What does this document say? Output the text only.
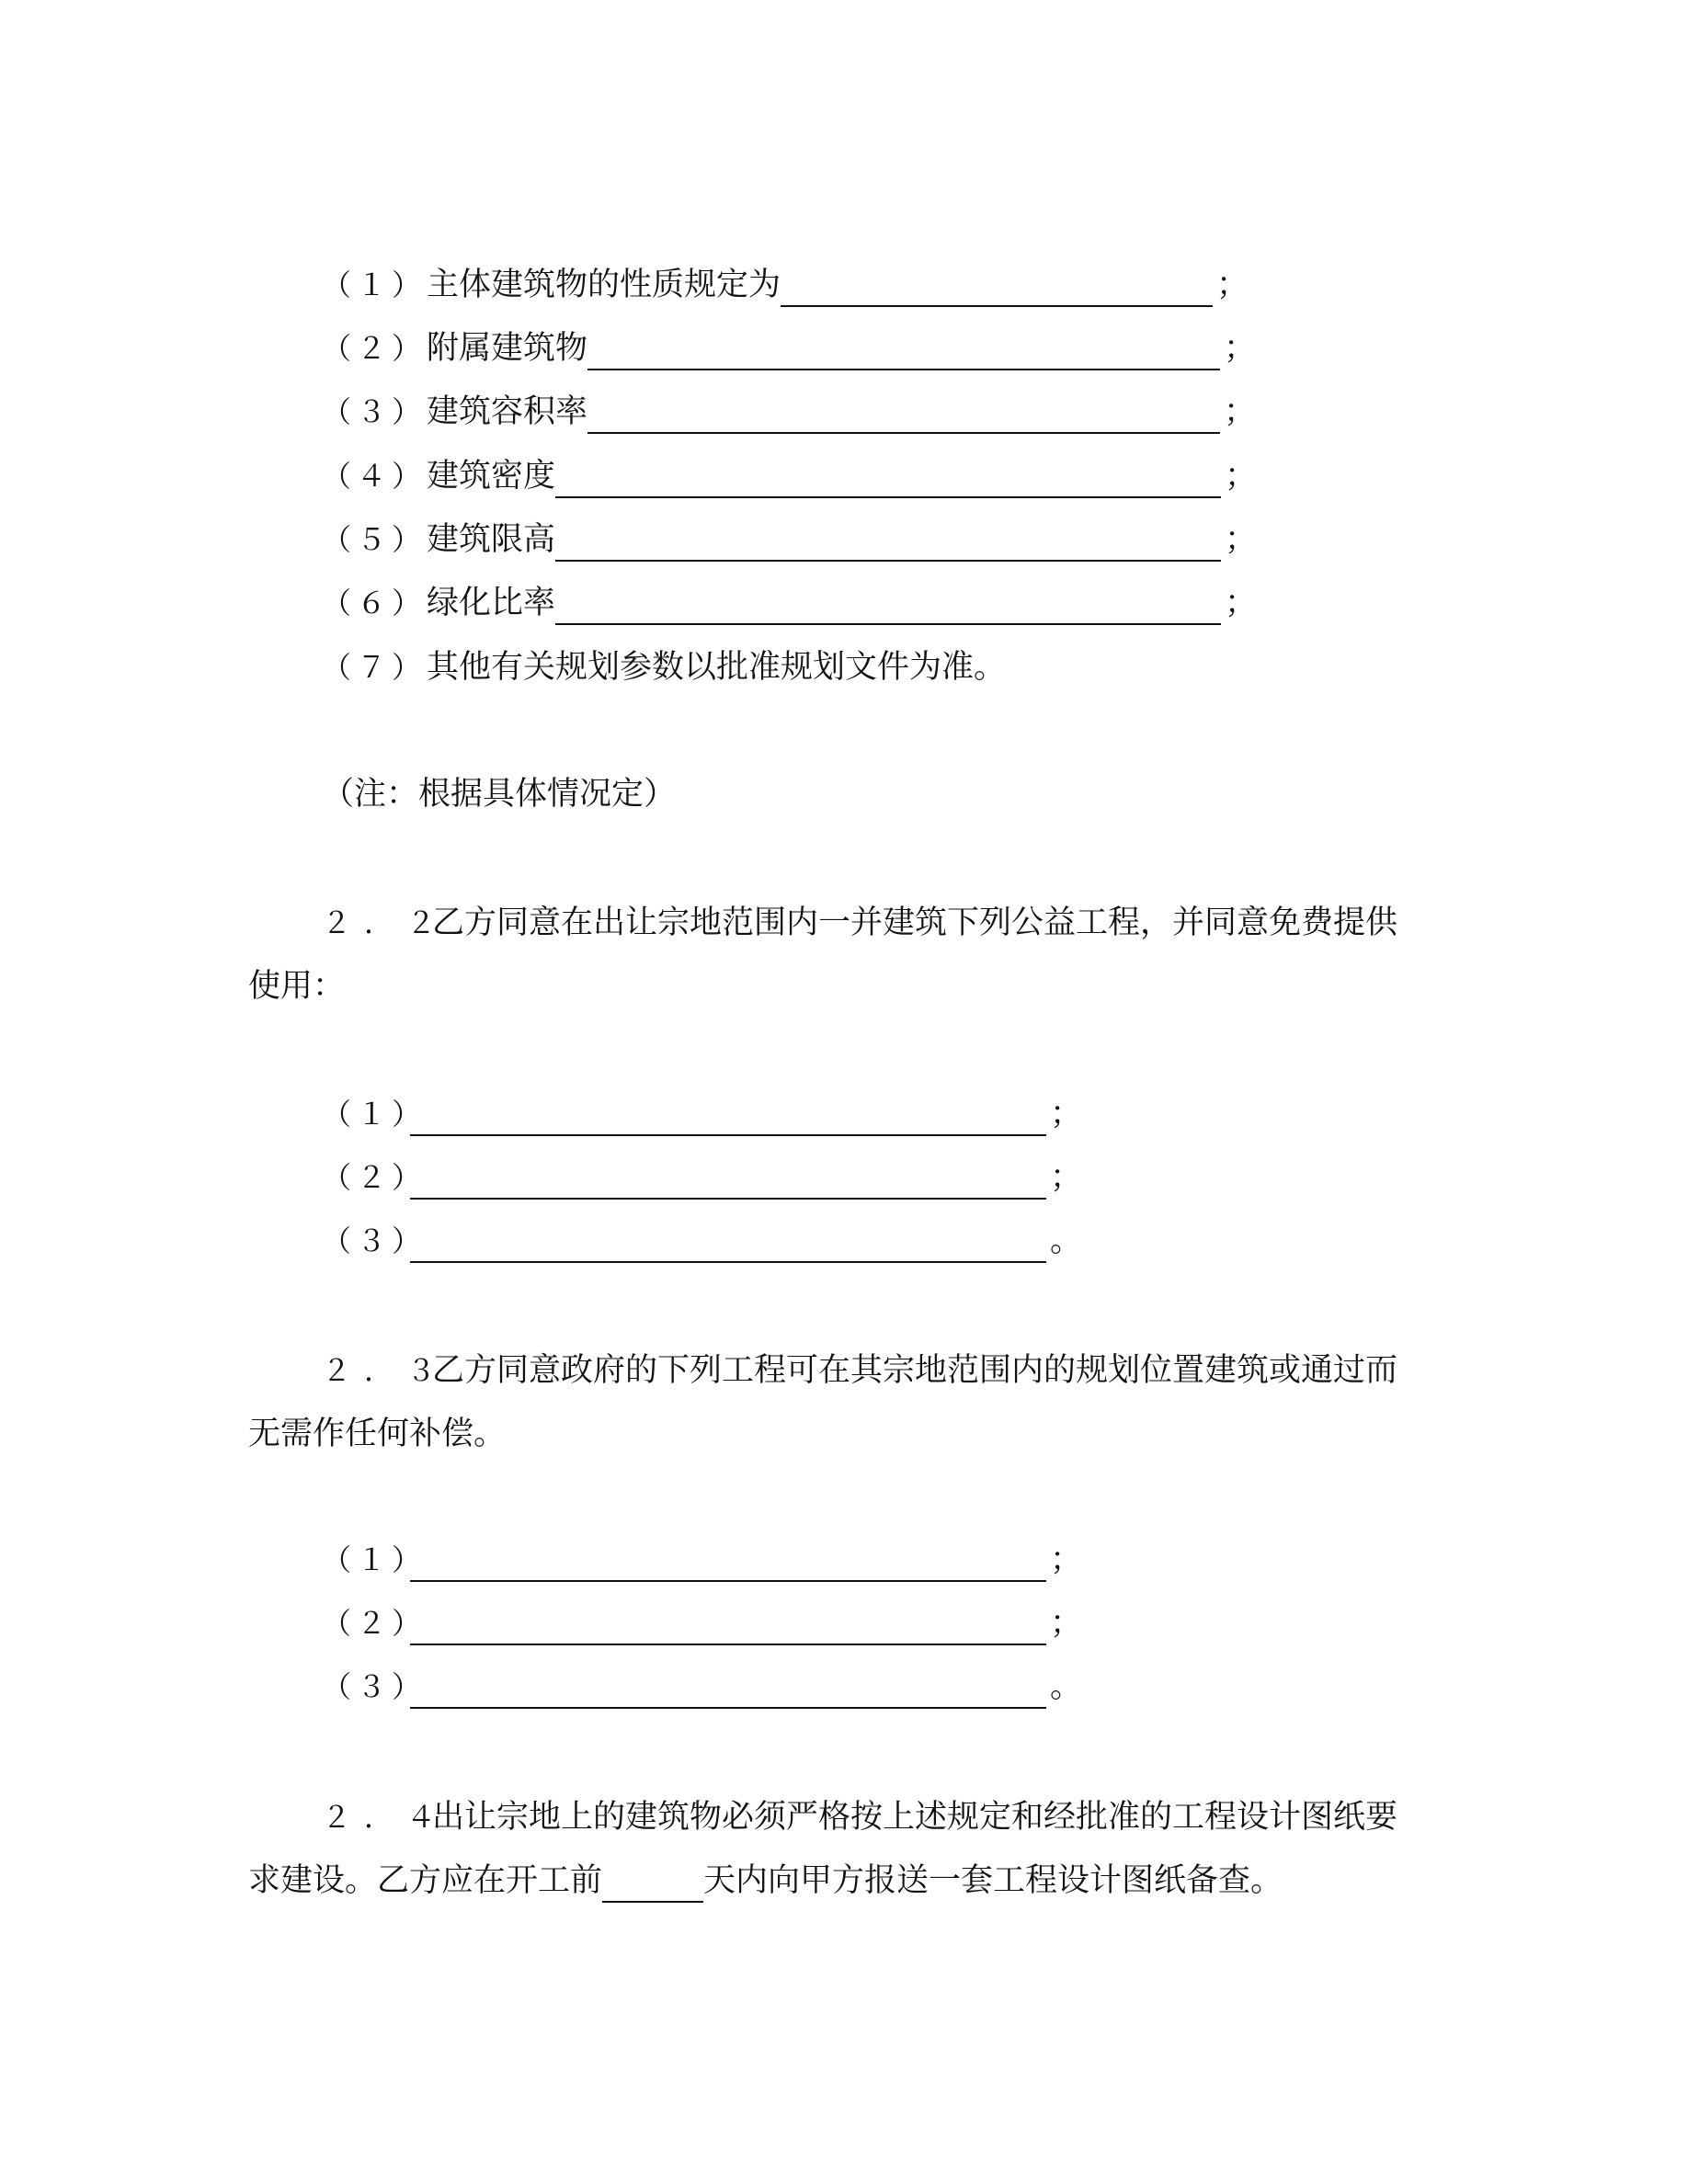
（１）主体建筑物的性质规定为	；
（２）附属建筑物	；
（３）建筑容积率	；
（４）建筑密度	；
（５）建筑限高	；
（６）绿化比率	；
（７）其他有关规划参数以批准规划文件为准。
（注：根据具体情况定）
２．２乙方同意在出让宗地范围内一并建筑下列公益工程，并同意免费提供
使用：
（１）	；
（２）	；
（３）	。
２．３乙方同意政府的下列工程可在其宗地范围内的规划位置建筑或通过而
无需作任何补偿。
（１）	；
（２）	；
（３）	。
２．４出让宗地上的建筑物必须严格按上述规定和经批准的工程设计图纸要
求建设。乙方应在开工前	天内向甲方报送一套工程设计图纸备查。
